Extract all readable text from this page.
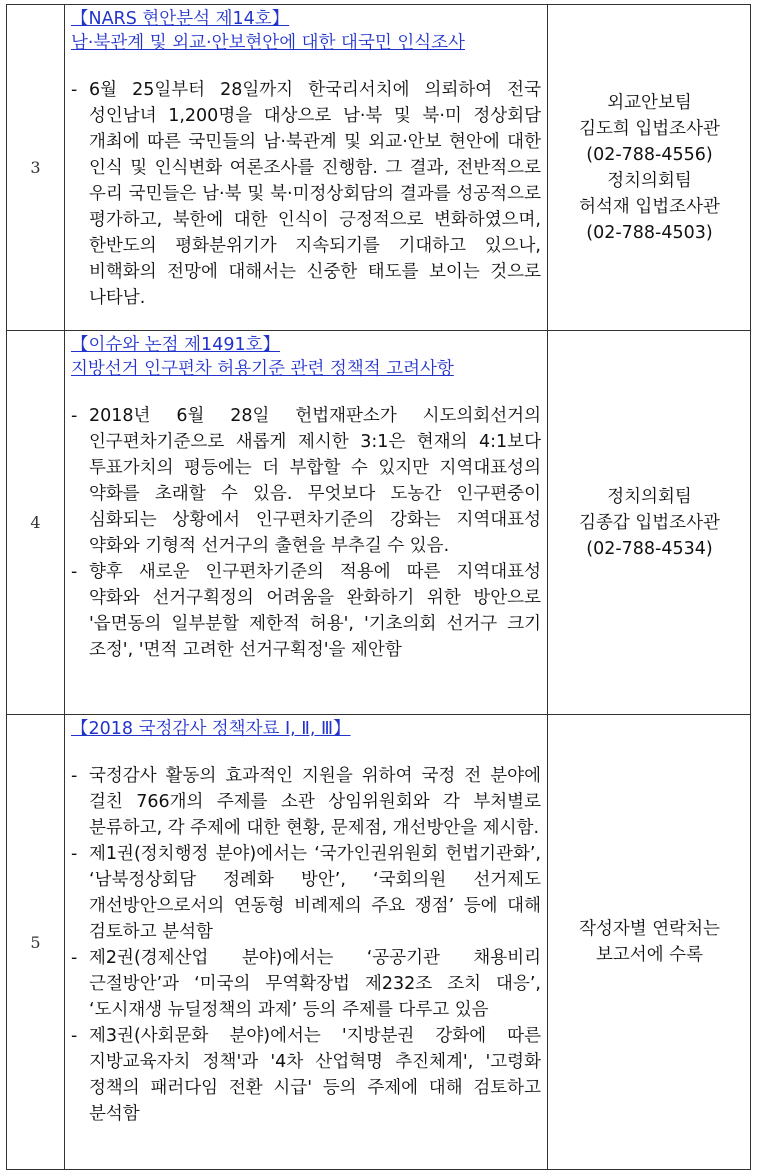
3
【NARS 현안분석 제14호】
남·북관계 및 외교·안보현안에 대한 대국민 인식조사
- 6월 25일부터 28일까지 한국리서치에 의뢰하여 전국 성인남녀 1,200명을 대상으로 남·북 및 북·미 정상회담 개최에 따른 국민들의 남·북관계 및 외교·안보 현안에 대한 인식 및 인식변화 여론조사를 진행함. 그 결과, 전반적으로 우리 국민들은 남·북 및 북·미정상회담의 결과를 성공적으로 평가하고, 북한에 대한 인식이 긍정적으로 변화하였으며, 한반도의 평화분위기가 지속되기를 기대하고 있으나, 비핵화의 전망에 대해서는 신중한 태도를 보이는 것으로 나타남.
외교안보팀
김도희 입법조사관
(02-788-4556)
정치의회팀
허석재 입법조사관
(02-788-4503)
4
【이슈와 논점 제1491호】
지방선거 인구편차 허용기준 관련 정책적 고려사항
- 2018년 6월 28일 헌법재판소가 시도의회선거의 인구편차기준으로 새롭게 제시한 3:1은 현재의 4:1보다 투표가치의 평등에는 더 부합할 수 있지만 지역대표성의 약화를 초래할 수 있음. 무엇보다 도농간 인구편중이 심화되는 상황에서 인구편차기준의 강화는 지역대표성 약화와 기형적 선거구의 출현을 부추길 수 있음.
- 향후 새로운 인구편차기준의 적용에 따른 지역대표성 약화와 선거구획정의 어려움을 완화하기 위한 방안으로 '읍면동의 일부분할 제한적 허용', '기초의회 선거구 크기 조정', '면적 고려한 선거구획정'을 제안함
정치의회팀
김종갑 입법조사관
(02-788-4534)
5
【2018 국정감사 정책자료 Ⅰ, Ⅱ, Ⅲ】
- 국정감사 활동의 효과적인 지원을 위하여 국정 전 분야에 걸친 766개의 주제를 소관 상임위원회와 각 부처별로 분류하고, 각 주제에 대한 현황, 문제점, 개선방안을 제시함.
- 제1권(정치행정 분야)에서는 ‘국가인권위원회 헌법기관화’, ‘남북정상회담 정례화 방안’, ‘국회의원 선거제도 개선방안으로서의 연동형 비례제의 주요 쟁점’ 등에 대해 검토하고 분석함
- 제2권(경제산업 분야)에서는 ‘공공기관 채용비리 근절방안’과 ‘미국의 무역확장법 제232조 조치 대응’, ‘도시재생 뉴딜정책의 과제’ 등의 주제를 다루고 있음
- 제3권(사회문화 분야)에서는 '지방분권 강화에 따른 지방교육자치 정책'과 '4차 산업혁명 추진체계', '고령화 정책의 패러다임 전환 시급' 등의 주제에 대해 검토하고 분석함
작성자별 연락처는
보고서에 수록
